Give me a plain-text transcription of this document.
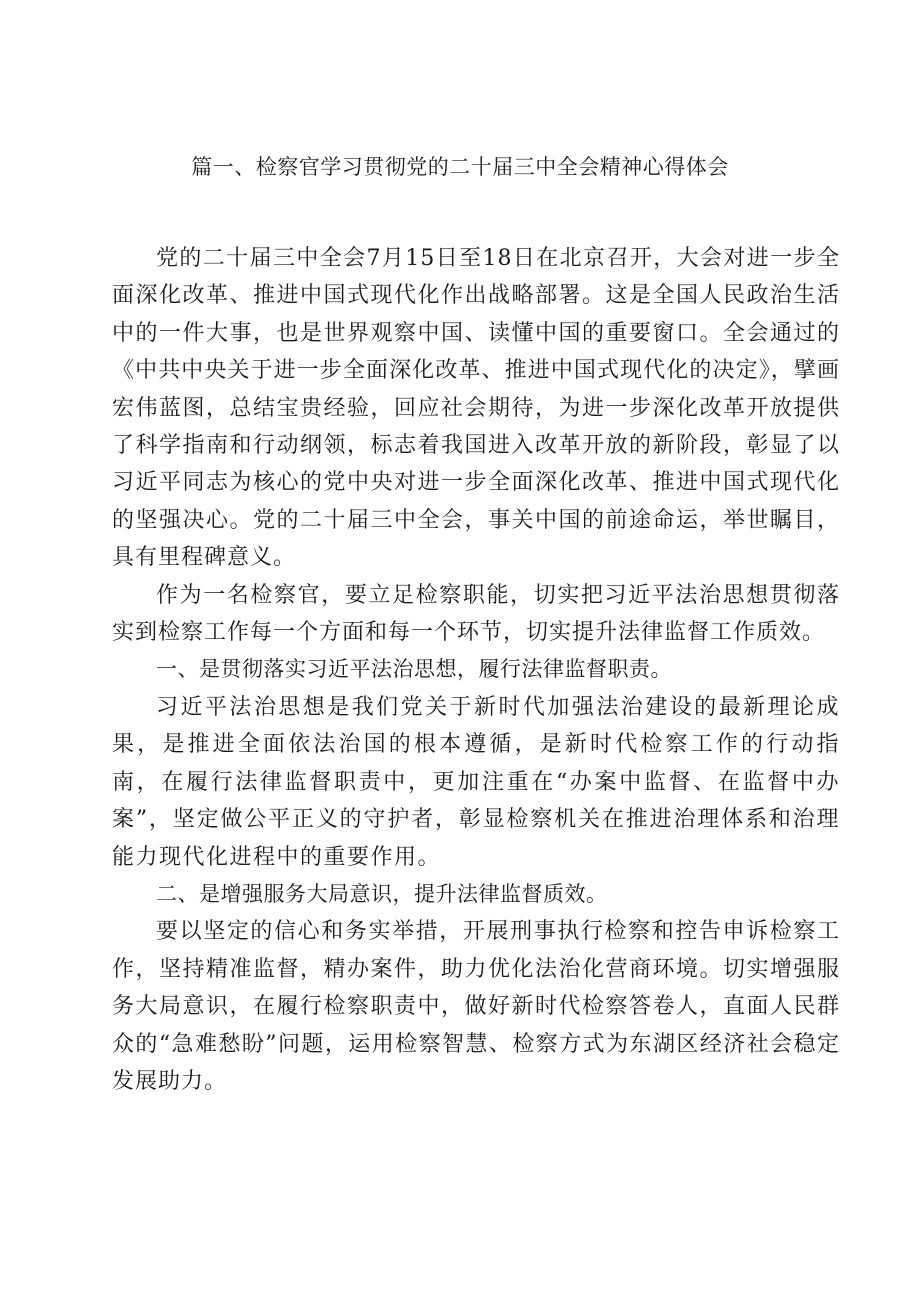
篇一、检察官学习贯彻党的二十届三中全会精神心得体会

党的二十届三中全会7月15日至18日在北京召开，大会对进一步全面深化改革、推进中国式现代化作出战略部署。这是全国人民政治生活中的一件大事，也是世界观察中国、读懂中国的重要窗口。全会通过的《中共中央关于进一步全面深化改革、推进中国式现代化的决定》，擘画宏伟蓝图，总结宝贵经验，回应社会期待，为进一步深化改革开放提供了科学指南和行动纲领，标志着我国进入改革开放的新阶段，彰显了以习近平同志为核心的党中央对进一步全面深化改革、推进中国式现代化的坚强决心。党的二十届三中全会，事关中国的前途命运，举世瞩目，具有里程碑意义。

作为一名检察官，要立足检察职能，切实把习近平法治思想贯彻落实到检察工作每一个方面和每一个环节，切实提升法律监督工作质效。

一、是贯彻落实习近平法治思想，履行法律监督职责。

习近平法治思想是我们党关于新时代加强法治建设的最新理论成果，是推进全面依法治国的根本遵循，是新时代检察工作的行动指南，在履行法律监督职责中，更加注重在“办案中监督、在监督中办案”，坚定做公平正义的守护者，彰显检察机关在推进治理体系和治理能力现代化进程中的重要作用。

二、是增强服务大局意识，提升法律监督质效。

要以坚定的信心和务实举措，开展刑事执行检察和控告申诉检察工作，坚持精准监督，精办案件，助力优化法治化营商环境。切实增强服务大局意识，在履行检察职责中，做好新时代检察答卷人，直面人民群众的“急难愁盼”问题，运用检察智慧、检察方式为东湖区经济社会稳定发展助力。
